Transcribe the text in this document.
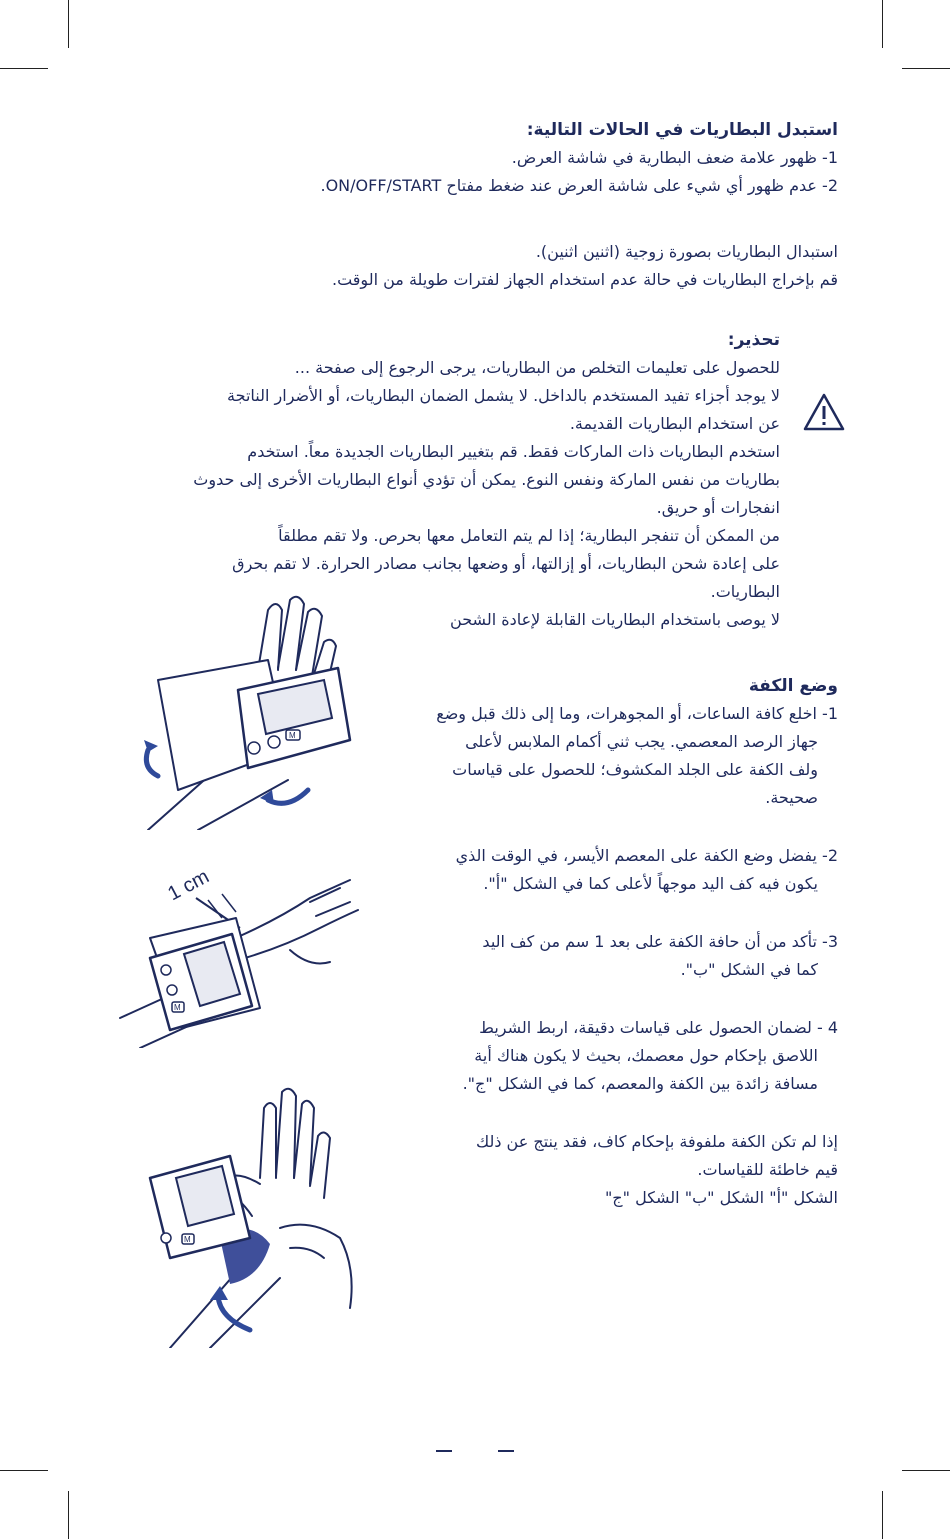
استبدل البطاريات في الحالات التالية:
1- ظهور علامة ضعف البطارية في شاشة العرض.
2- عدم ظهور أي شيء على شاشة العرض عند ضغط مفتاح ON/OFF/START.
استبدال البطاريات بصورة زوجية (اثنين اثنين).
قم بإخراج البطاريات في حالة عدم استخدام الجهاز لفترات طويلة من الوقت.
تحذير:
للحصول على تعليمات التخلص من البطاريات، يرجى الرجوع إلى صفحة ...
لا يوجد أجزاء تفيد المستخدم بالداخل. لا يشمل الضمان البطاريات، أو الأضرار الناتجة
عن استخدام البطاريات القديمة.
استخدم البطاريات ذات الماركات فقط. قم بتغيير البطاريات الجديدة معاً. استخدم
بطاريات من نفس الماركة ونفس النوع. يمكن أن تؤدي أنواع البطاريات الأخرى إلى حدوث
انفجارات أو حريق.
من الممكن أن تنفجر البطارية؛ إذا لم يتم التعامل معها بحرص. ولا تقم مطلقاً
على إعادة شحن البطاريات، أو إزالتها، أو وضعها بجانب مصادر الحرارة. لا تقم بحرق
البطاريات.
لا يوصى باستخدام البطاريات القابلة لإعادة الشحن
وضع الكفة
1- اخلع كافة الساعات، أو المجوهرات، وما إلى ذلك قبل وضع
جهاز الرصد المعصمي. يجب ثني أكمام الملابس لأعلى
ولف الكفة على الجلد المكشوف؛ للحصول على قياسات
صحيحة.
2- يفضل وضع الكفة على المعصم الأيسر، في الوقت الذي
يكون فيه كف اليد موجهاً لأعلى كما في الشكل "أ".
3- تأكد من أن حافة الكفة على بعد 1 سم من كف اليد
كما في الشكل "ب".
4 - لضمان الحصول على قياسات دقيقة، اربط الشريط
اللاصق بإحكام حول معصمك، بحيث لا يكون هناك أية
مسافة زائدة بين الكفة والمعصم، كما في الشكل "ج".
إذا لم تكن الكفة ملفوفة بإحكام كاف، فقد ينتج عن ذلك
قيم خاطئة للقياسات.
الشكل "أ" الشكل "ب" الشكل "ج"
M
1 cm
M
M
